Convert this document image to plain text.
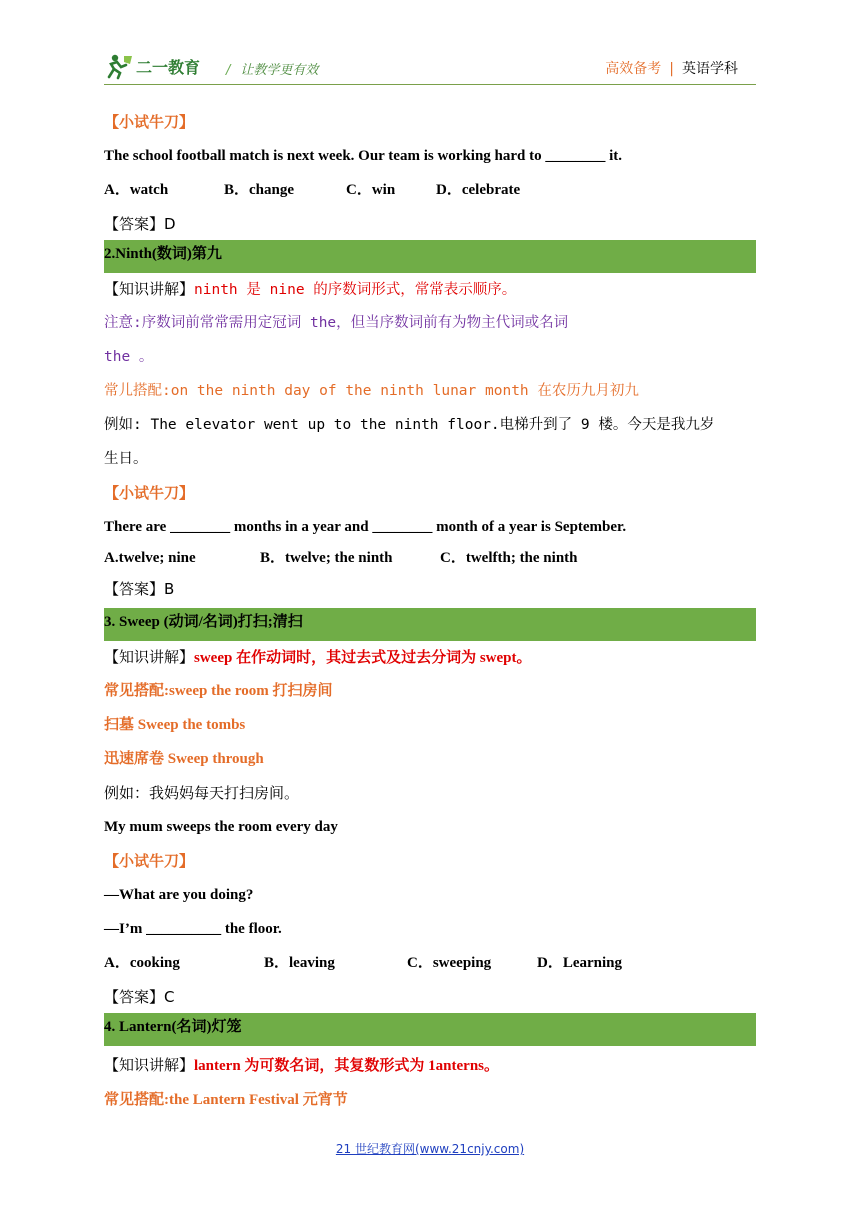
二一教育 / 让教学更有效	高效备考 | 英语学科
【小试牛刀】
The school football match is next week. Our team is working hard to ________ it.
A．watch	B．change	C．win	D．celebrate
【答案】D
2.Ninth(数词)第九
【知识讲解】ninth 是 nine 的序数词形式，常常表示顺序。
注意:序数词前常常需用定冠词 the，但当序数词前有为物主代词或名词
the 。
常儿搭配:on the ninth day of the ninth lunar month 在农历九月初九
例如: The elevator went up to the ninth floor.电梯升到了 9 楼。今天是我九岁
生日。
【小试牛刀】
There are ________ months in a year and ________ month of a year is September.
A.twelve; nine	B．twelve; the ninth	C．twelfth; the ninth
【答案】B
3. Sweep (动词/名词)打扫;清扫
【知识讲解】sweep 在作动词时，其过去式及过去分词为 swept。
常见搭配:sweep the room 打扫房间
扫墓 Sweep the tombs
迅速席卷 Sweep through
例如：我妈妈每天打扫房间。
My mum sweeps the room every day
【小试牛刀】
—What are you doing?
—I’m __________ the floor.
A．cooking	B．leaving	C．sweeping	D．Learning
【答案】C
4. Lantern(名词)灯笼
【知识讲解】lantern 为可数名词，其复数形式为 1anterns。
常见搭配:the Lantern Festival 元宵节
21 世纪教育网(www.21cnjy.com)
